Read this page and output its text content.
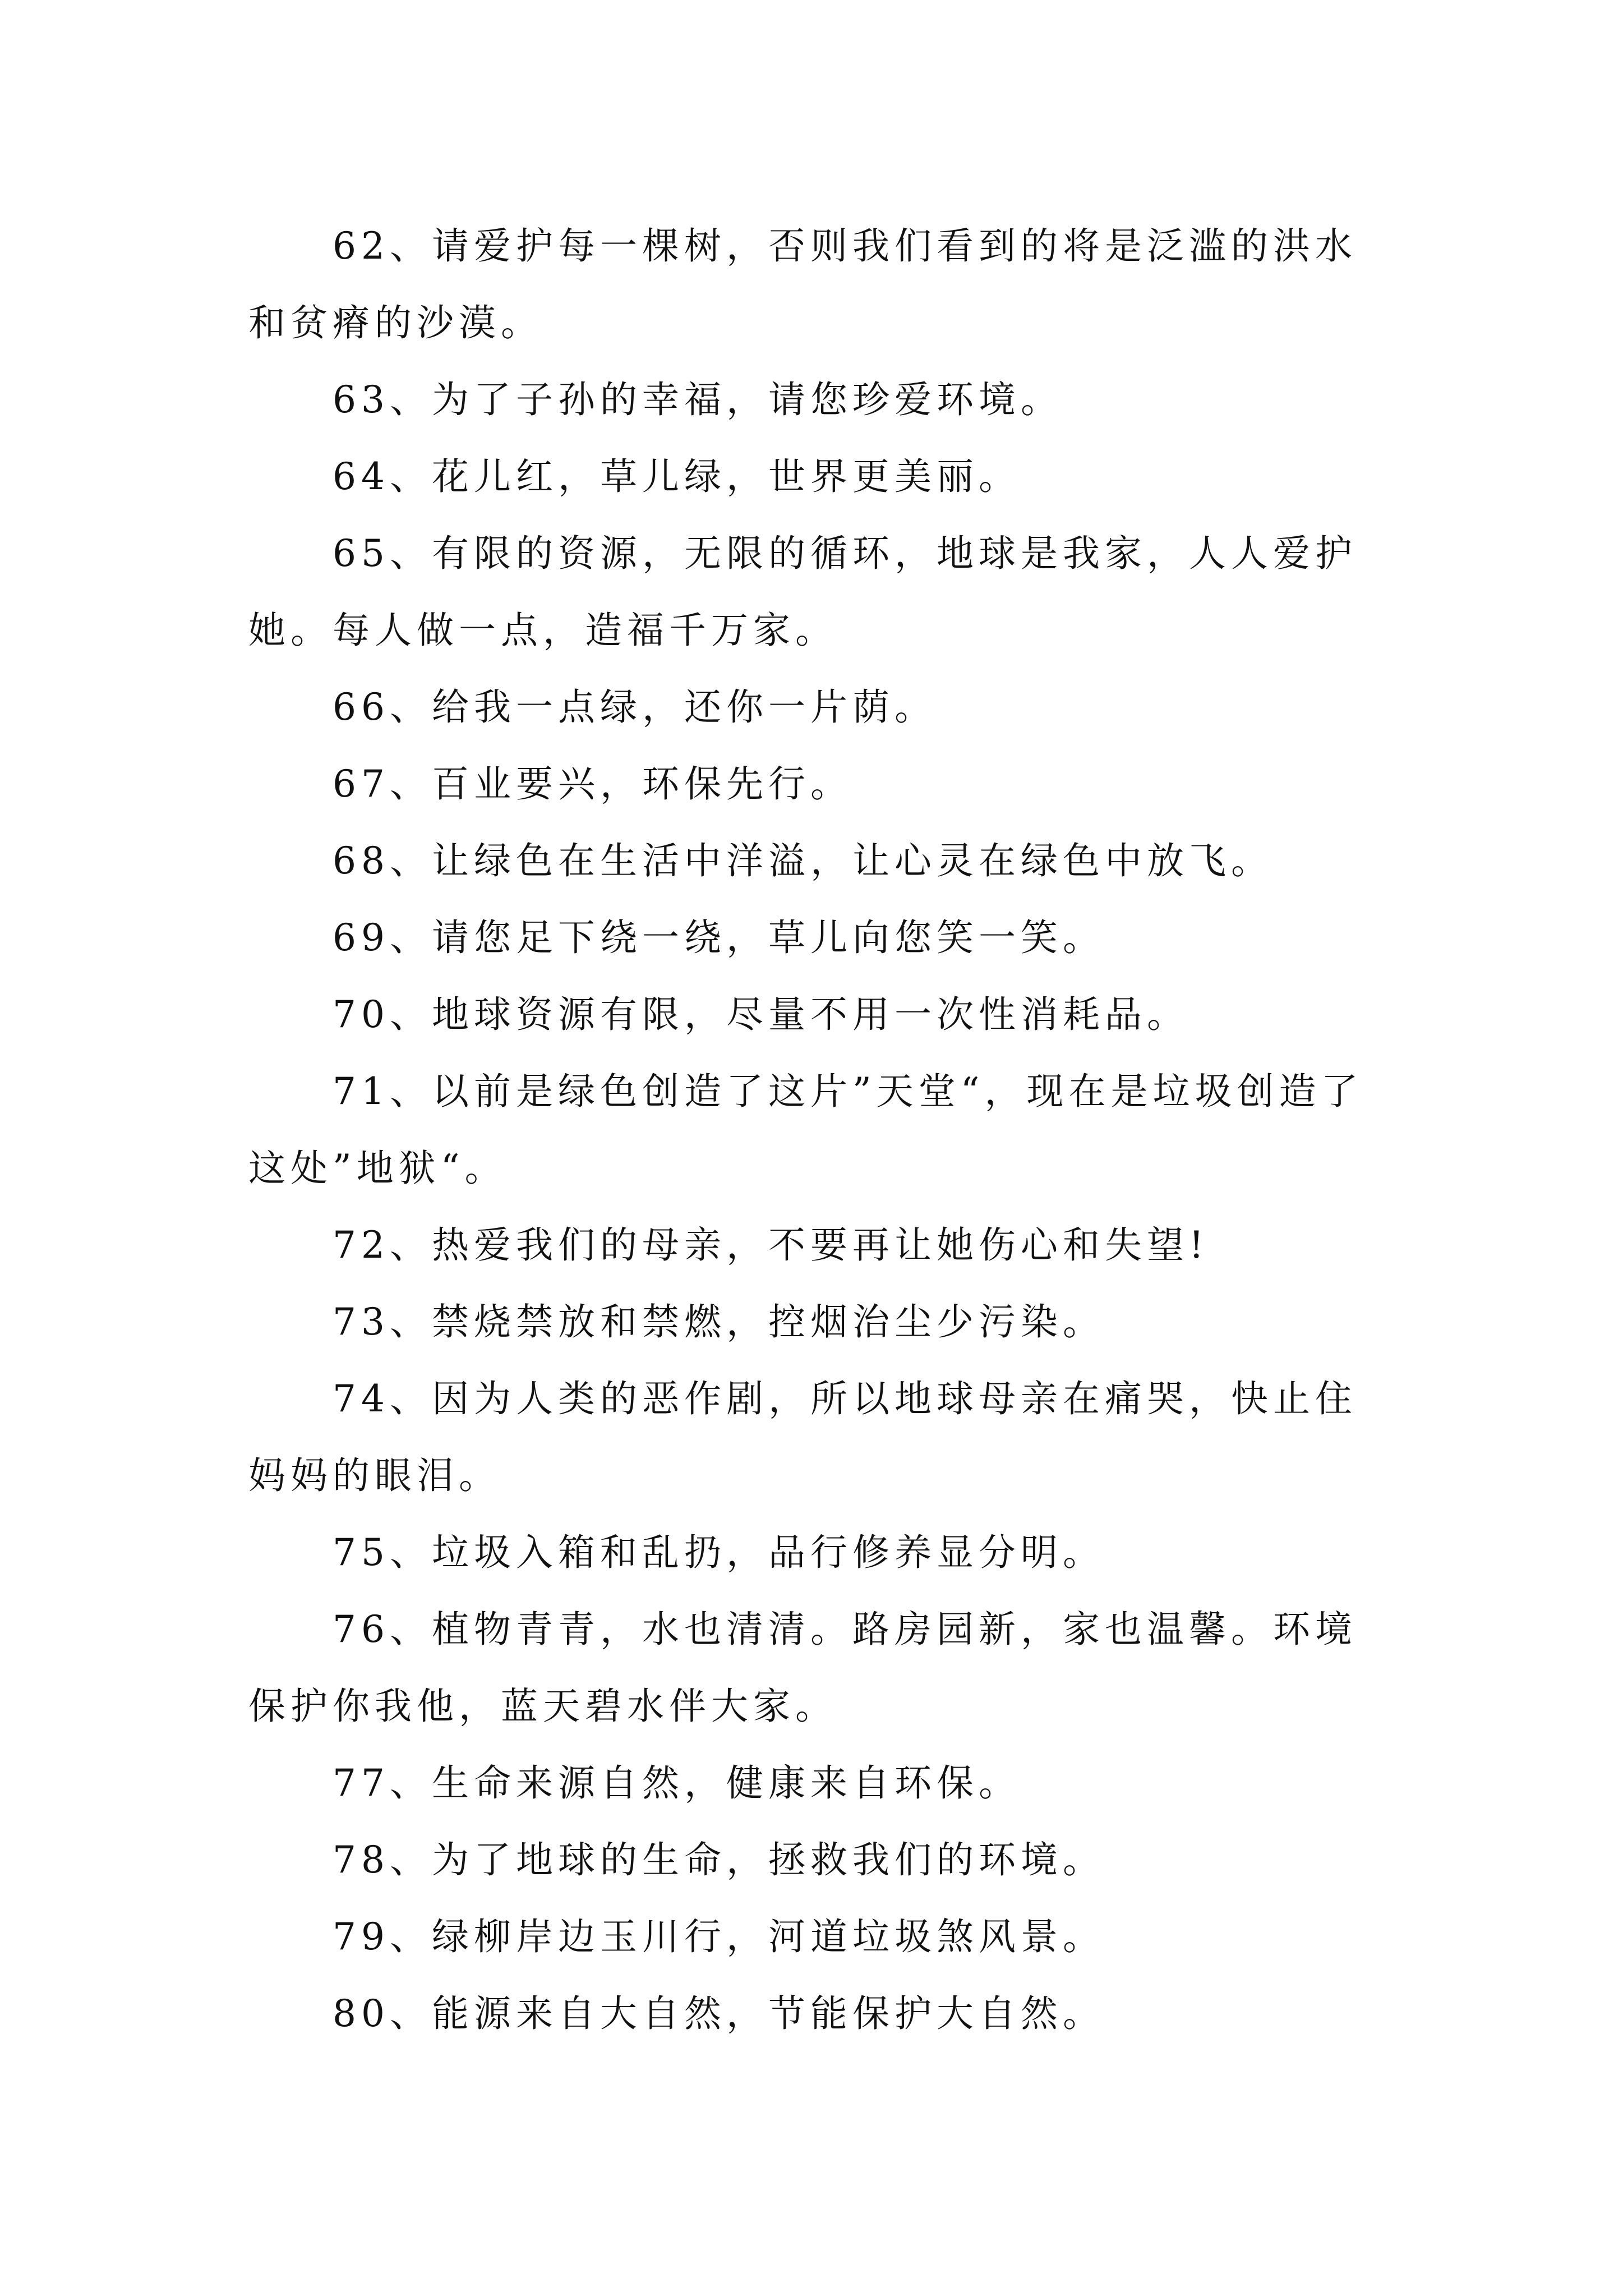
62、请爱护每一棵树，否则我们看到的将是泛滥的洪水和贫瘠的沙漠。

63、为了子孙的幸福，请您珍爱环境。

64、花儿红，草儿绿，世界更美丽。

65、有限的资源，无限的循环，地球是我家，人人爱护她。每人做一点，造福千万家。

66、给我一点绿，还你一片荫。

67、百业要兴，环保先行。

68、让绿色在生活中洋溢，让心灵在绿色中放飞。

69、请您足下绕一绕，草儿向您笑一笑。

70、地球资源有限，尽量不用一次性消耗品。

71、以前是绿色创造了这片”天堂“，现在是垃圾创造了这处”地狱“。

72、热爱我们的母亲，不要再让她伤心和失望!

73、禁烧禁放和禁燃，控烟治尘少污染。

74、因为人类的恶作剧，所以地球母亲在痛哭，快止住妈妈的眼泪。

75、垃圾入箱和乱扔，品行修养显分明。

76、植物青青，水也清清。路房园新，家也温馨。环境保护你我他，蓝天碧水伴大家。

77、生命来源自然，健康来自环保。

78、为了地球的生命，拯救我们的环境。

79、绿柳岸边玉川行，河道垃圾煞风景。

80、能源来自大自然，节能保护大自然。
